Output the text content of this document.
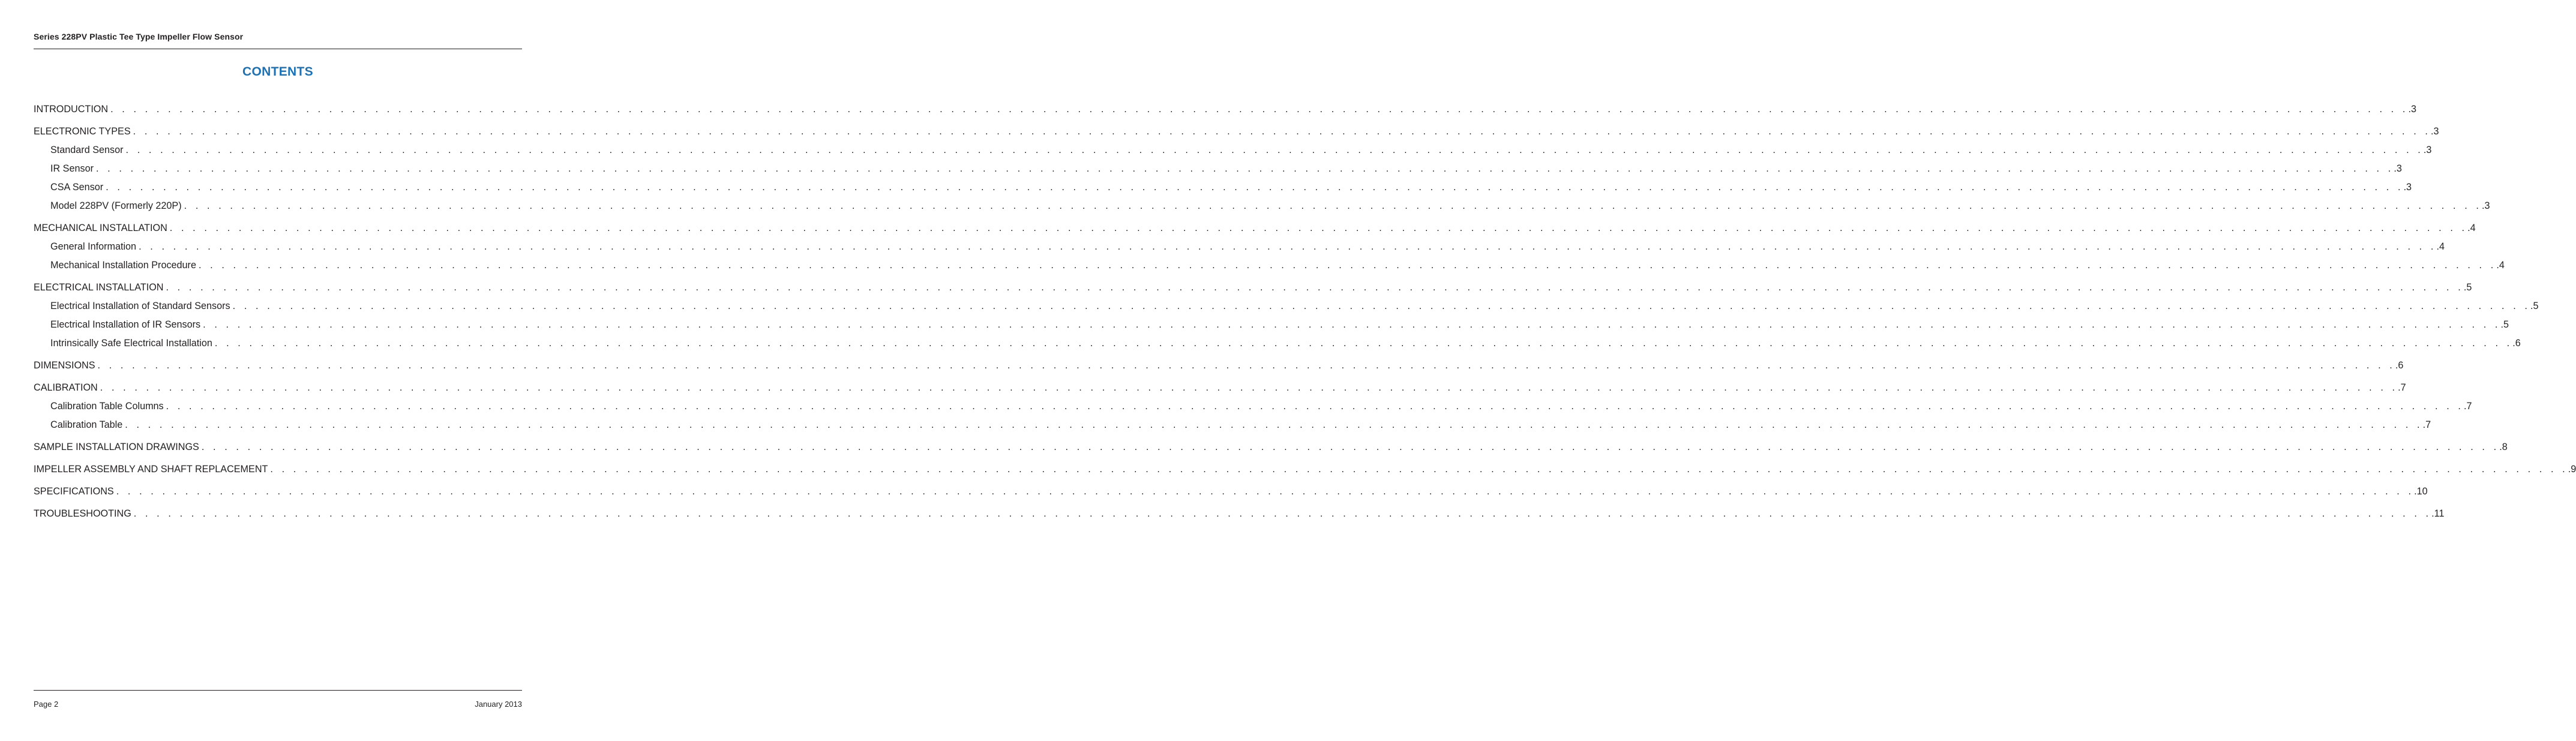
Series 228PV Plastic Tee Type Impeller Flow Sensor
CONTENTS
INTRODUCTION . . . . . . . . . . . . . . . . . . . . . . . . . . . . . . . . . . . . . . . . . . . . . . . . . . . . . . . . . . . . . . . . . . . . . . . . . . . . . . . . . . . . . . . . . . . . . . . . . . . . . . . . . . . . . . . . . . . . . . . . . . . . . . . . . . . . . . . . . . . . . . . . . . . . . . . . . . . . . . . . . . . . . . . . . . . . . . . . . . . . . . . . . . . . . . . . . . . . . . . . .3
ELECTRONIC TYPES . . . . . . . . . . . . . . . . . . . . . . . . . . . . . . . . . . . . . . . . . . . . . . . . . . . . . . . . . . . . . . . . . . . . . . . . . . . . . . . . . . . . . . . . . . . . . . . . . . . . . . . . . . . . . . . . . . . . . . . . . . . . . . . . . . . . . . . . . . . . . . . . . . . . . . . . . . . . . . . . . . . . . . . . . . . . . . . . . . . . . . . . . . . . . . . . . . . . . . . . .3
Standard Sensor . . . . . . . . . . . . . . . . . . . . . . . . . . . . . . . . . . . . . . . . . . . . . . . . . . . . . . . . . . . . . . . . . . . . . . . . . . . . . . . . . . . . . . . . . . . . . . . . . . . . . . . . . . . . . . . . . . . . . . . . . . . . . . . . . . . . . . . . . . . . . . . . . . . . . . . . . . . . . . . . . . . . . . . . . . . . . . . . . . . . . . . . . . . . . . . . . . . . . . . . .3
IR Sensor . . . . . . . . . . . . . . . . . . . . . . . . . . . . . . . . . . . . . . . . . . . . . . . . . . . . . . . . . . . . . . . . . . . . . . . . . . . . . . . . . . . . . . . . . . . . . . . . . . . . . . . . . . . . . . . . . . . . . . . . . . . . . . . . . . . . . . . . . . . . . . . . . . . . . . . . . . . . . . . . . . . . . . . . . . . . . . . . . . . . . . . . . . . . . . . . . . . . . . . . .3
CSA Sensor . . . . . . . . . . . . . . . . . . . . . . . . . . . . . . . . . . . . . . . . . . . . . . . . . . . . . . . . . . . . . . . . . . . . . . . . . . . . . . . . . . . . . . . . . . . . . . . . . . . . . . . . . . . . . . . . . . . . . . . . . . . . . . . . . . . . . . . . . . . . . . . . . . . . . . . . . . . . . . . . . . . . . . . . . . . . . . . . . . . . . . . . . . . . . . . . . . . . . . . . .3
Model 228PV (Formerly 220P) . . . . . . . . . . . . . . . . . . . . . . . . . . . . . . . . . . . . . . . . . . . . . . . . . . . . . . . . . . . . . . . . . . . . . . . . . . . . . . . . . . . . . . . . . . . . . . . . . . . . . . . . . . . . . . . . . . . . . . . . . . . . . . . . . . . . . . . . . . . . . . . . . . . . . . . . . . . . . . . . . . . . . . . . . . . . . . . . . . . . . . . . . . . . . . . . . . . . . . . . .3
MECHANICAL INSTALLATION . . . . . . . . . . . . . . . . . . . . . . . . . . . . . . . . . . . . . . . . . . . . . . . . . . . . . . . . . . . . . . . . . . . . . . . . . . . . . . . . . . . . . . . . . . . . . . . . . . . . . . . . . . . . . . . . . . . . . . . . . . . . . . . . . . . . . . . . . . . . . . . . . . . . . . . . . . . . . . . . . . . . . . . . . . . . . . . . . . . . . . . . . . . . . . . . . . . . . . . . .4
General Information . . . . . . . . . . . . . . . . . . . . . . . . . . . . . . . . . . . . . . . . . . . . . . . . . . . . . . . . . . . . . . . . . . . . . . . . . . . . . . . . . . . . . . . . . . . . . . . . . . . . . . . . . . . . . . . . . . . . . . . . . . . . . . . . . . . . . . . . . . . . . . . . . . . . . . . . . . . . . . . . . . . . . . . . . . . . . . . . . . . . . . . . . . . . . . . . . . . . . . . . .4
Mechanical Installation Procedure . . . . . . . . . . . . . . . . . . . . . . . . . . . . . . . . . . . . . . . . . . . . . . . . . . . . . . . . . . . . . . . . . . . . . . . . . . . . . . . . . . . . . . . . . . . . . . . . . . . . . . . . . . . . . . . . . . . . . . . . . . . . . . . . . . . . . . . . . . . . . . . . . . . . . . . . . . . . . . . . . . . . . . . . . . . . . . . . . . . . . . . . . . . . . . . . . . . . . . . . .4
ELECTRICAL INSTALLATION . . . . . . . . . . . . . . . . . . . . . . . . . . . . . . . . . . . . . . . . . . . . . . . . . . . . . . . . . . . . . . . . . . . . . . . . . . . . . . . . . . . . . . . . . . . . . . . . . . . . . . . . . . . . . . . . . . . . . . . . . . . . . . . . . . . . . . . . . . . . . . . . . . . . . . . . . . . . . . . . . . . . . . . . . . . . . . . . . . . . . . . . . . . . . . . . . . . . . . . . .5
Electrical Installation of Standard Sensors . . . . . . . . . . . . . . . . . . . . . . . . . . . . . . . . . . . . . . . . . . . . . . . . . . . . . . . . . . . . . . . . . . . . . . . . . . . . . . . . . . . . . . . . . . . . . . . . . . . . . . . . . . . . . . . . . . . . . . . . . . . . . . . . . . . . . . . . . . . . . . . . . . . . . . . . . . . . . . . . . . . . . . . . . . . . . . . . . . . . . . . . . . . . . . . . . . . . . . . . .5
Electrical Installation of IR Sensors . . . . . . . . . . . . . . . . . . . . . . . . . . . . . . . . . . . . . . . . . . . . . . . . . . . . . . . . . . . . . . . . . . . . . . . . . . . . . . . . . . . . . . . . . . . . . . . . . . . . . . . . . . . . . . . . . . . . . . . . . . . . . . . . . . . . . . . . . . . . . . . . . . . . . . . . . . . . . . . . . . . . . . . . . . . . . . . . . . . . . . . . . . . . . . . . . . . . . . . . .5
Intrinsically Safe Electrical Installation . . . . . . . . . . . . . . . . . . . . . . . . . . . . . . . . . . . . . . . . . . . . . . . . . . . . . . . . . . . . . . . . . . . . . . . . . . . . . . . . . . . . . . . . . . . . . . . . . . . . . . . . . . . . . . . . . . . . . . . . . . . . . . . . . . . . . . . . . . . . . . . . . . . . . . . . . . . . . . . . . . . . . . . . . . . . . . . . . . . . . . . . . . . . . . . . . . . . . . . . .6
DIMENSIONS . . . . . . . . . . . . . . . . . . . . . . . . . . . . . . . . . . . . . . . . . . . . . . . . . . . . . . . . . . . . . . . . . . . . . . . . . . . . . . . . . . . . . . . . . . . . . . . . . . . . . . . . . . . . . . . . . . . . . . . . . . . . . . . . . . . . . . . . . . . . . . . . . . . . . . . . . . . . . . . . . . . . . . . . . . . . . . . . . . . . . . . . . . . . . . . . . . . . . . . . .6
CALIBRATION . . . . . . . . . . . . . . . . . . . . . . . . . . . . . . . . . . . . . . . . . . . . . . . . . . . . . . . . . . . . . . . . . . . . . . . . . . . . . . . . . . . . . . . . . . . . . . . . . . . . . . . . . . . . . . . . . . . . . . . . . . . . . . . . . . . . . . . . . . . . . . . . . . . . . . . . . . . . . . . . . . . . . . . . . . . . . . . . . . . . . . . . . . . . . . . . . . . . . . . . .7
Calibration Table Columns . . . . . . . . . . . . . . . . . . . . . . . . . . . . . . . . . . . . . . . . . . . . . . . . . . . . . . . . . . . . . . . . . . . . . . . . . . . . . . . . . . . . . . . . . . . . . . . . . . . . . . . . . . . . . . . . . . . . . . . . . . . . . . . . . . . . . . . . . . . . . . . . . . . . . . . . . . . . . . . . . . . . . . . . . . . . . . . . . . . . . . . . . . . . . . . . . . . . . . . . .7
Calibration Table . . . . . . . . . . . . . . . . . . . . . . . . . . . . . . . . . . . . . . . . . . . . . . . . . . . . . . . . . . . . . . . . . . . . . . . . . . . . . . . . . . . . . . . . . . . . . . . . . . . . . . . . . . . . . . . . . . . . . . . . . . . . . . . . . . . . . . . . . . . . . . . . . . . . . . . . . . . . . . . . . . . . . . . . . . . . . . . . . . . . . . . . . . . . . . . . . . . . . . . . .7
SAMPLE INSTALLATION DRAWINGS . . . . . . . . . . . . . . . . . . . . . . . . . . . . . . . . . . . . . . . . . . . . . . . . . . . . . . . . . . . . . . . . . . . . . . . . . . . . . . . . . . . . . . . . . . . . . . . . . . . . . . . . . . . . . . . . . . . . . . . . . . . . . . . . . . . . . . . . . . . . . . . . . . . . . . . . . . . . . . . . . . . . . . . . . . . . . . . . . . . . . . . . . . . . . . . . . . . . . . . . .8
IMPELLER ASSEMBLY AND SHAFT REPLACEMENT . . . . . . . . . . . . . . . . . . . . . . . . . . . . . . . . . . . . . . . . . . . . . . . . . . . . . . . . . . . . . . . . . . . . . . . . . . . . . . . . . . . . . . . . . . . . . . . . . . . . . . . . . . . . . . . . . . . . . . . . . . . . . . . . . . . . . . . . . . . . . . . . . . . . . . . . . . . . . . . . . . . . . . . . . . . . . . . . . . . . . . . . . . . . . . . . . . . . . . . . .9
SPECIFICATIONS . . . . . . . . . . . . . . . . . . . . . . . . . . . . . . . . . . . . . . . . . . . . . . . . . . . . . . . . . . . . . . . . . . . . . . . . . . . . . . . . . . . . . . . . . . . . . . . . . . . . . . . . . . . . . . . . . . . . . . . . . . . . . . . . . . . . . . . . . . . . . . . . . . . . . . . . . . . . . . . . . . . . . . . . . . . . . . . . . . . . . . . . . . . . . . . . . . . . . . . . .10
TROUBLESHOOTING . . . . . . . . . . . . . . . . . . . . . . . . . . . . . . . . . . . . . . . . . . . . . . . . . . . . . . . . . . . . . . . . . . . . . . . . . . . . . . . . . . . . . . . . . . . . . . . . . . . . . . . . . . . . . . . . . . . . . . . . . . . . . . . . . . . . . . . . . . . . . . . . . . . . . . . . . . . . . . . . . . . . . . . . . . . . . . . . . . . . . . . . . . . . . . . . . . . . . . . . .11
Page 2	January 2013
